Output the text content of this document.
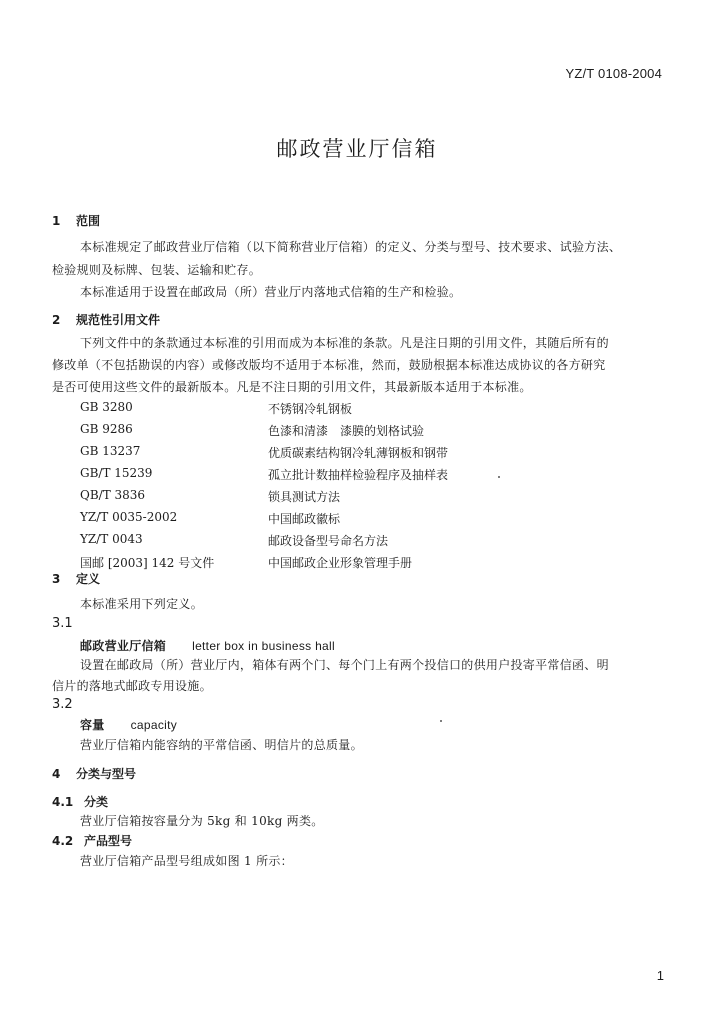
YZ/T 0108-2004
邮政营业厅信箱
1 范围
本标准规定了邮政营业厅信箱（以下简称营业厅信箱）的定义、分类与型号、技术要求、试验方法、
检验规则及标牌、包装、运输和贮存。
本标准适用于设置在邮政局（所）营业厅内落地式信箱的生产和检验。
2 规范性引用文件
下列文件中的条款通过本标准的引用而成为本标准的条款。凡是注日期的引用文件，其随后所有的
修改单（不包括勘误的内容）或修改版均不适用于本标准，然而，鼓励根据本标准达成协议的各方研究
是否可使用这些文件的最新版本。凡是不注日期的引用文件，其最新版本适用于本标准。
GB 3280	不锈钢冷轧钢板
GB 9286	色漆和清漆　漆膜的划格试验
GB 13237	优质碳素结构钢冷轧薄钢板和钢带
GB/T 15239	孤立批计数抽样检验程序及抽样表
QB/T 3836	锁具测试方法
YZ/T 0035-2002	中国邮政徽标
YZ/T 0043	邮政设备型号命名方法
国邮 [2003] 142 号文件	中国邮政企业形象管理手册
3 定义
本标准采用下列定义。
3.1
邮政营业厅信箱 letter box in business hall
设置在邮政局（所）营业厅内，箱体有两个门、每个门上有两个投信口的供用户投寄平常信函、明
信片的落地式邮政专用设施。
3.2
容量 capacity
营业厅信箱内能容纳的平常信函、明信片的总质量。
4 分类与型号
4.1 分类
营业厅信箱按容量分为 5kg 和 10kg 两类。
4.2 产品型号
营业厅信箱产品型号组成如图 1 所示：
1
